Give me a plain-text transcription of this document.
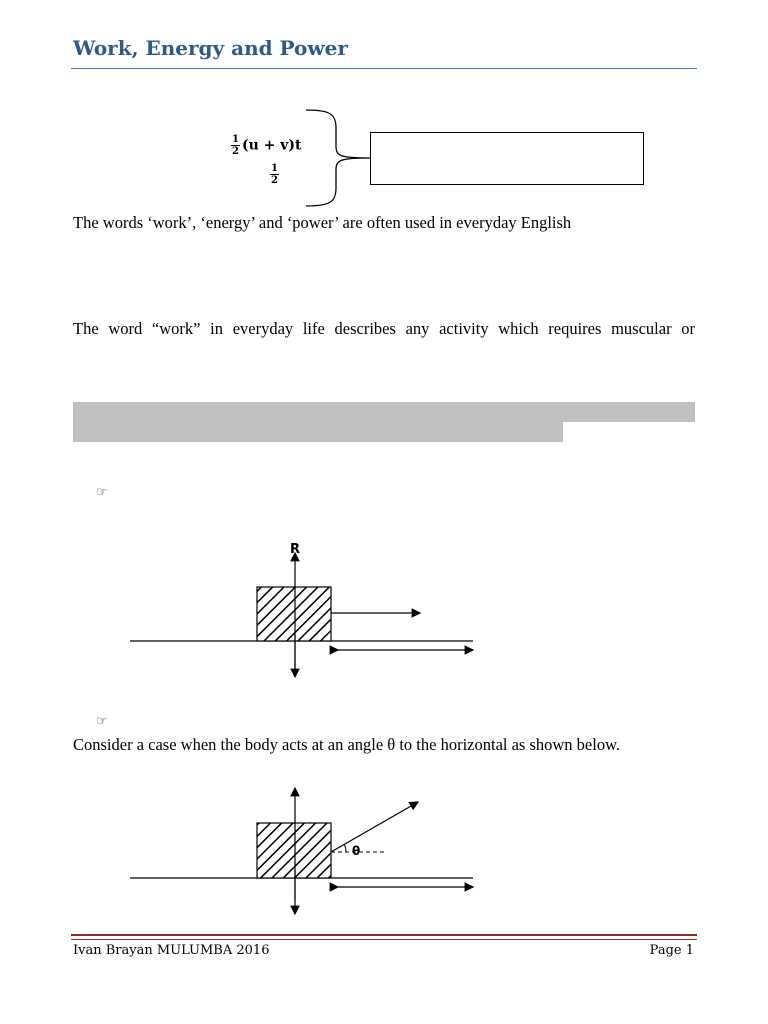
Work, Energy and Power
$\frac{1}{2} (u + v)t$
$\frac{1}{2}$
The words ‘work’, ‘energy’ and ‘power’ are often used in everyday English
The word “work” in everyday life describes any activity which requires muscular or
☞
R
☞
Consider a case when the body acts at an angle θ to the horizontal as shown below.
θ
Ivan Brayan MULUMBA 2016	Page 1
